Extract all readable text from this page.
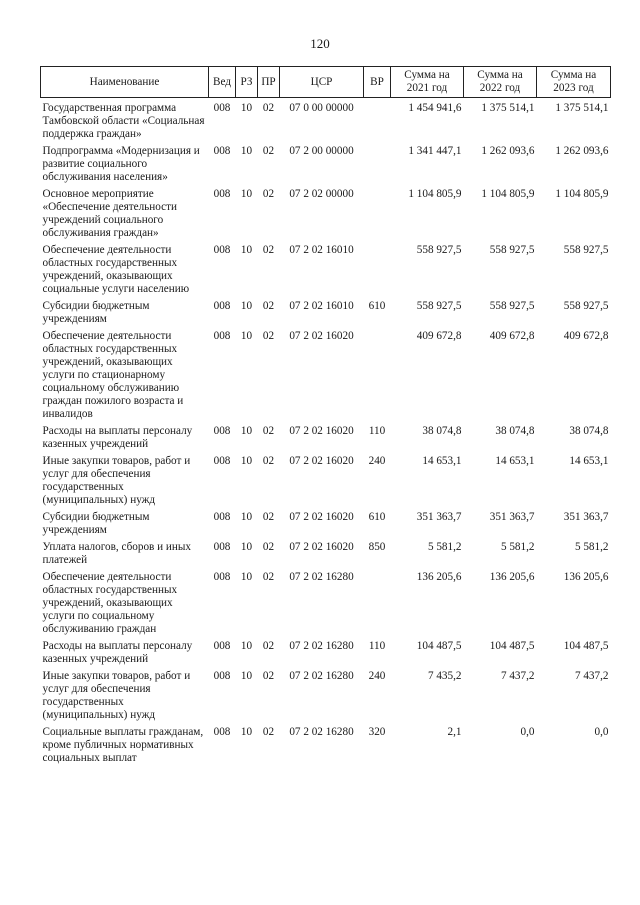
120
Наименование	Вед	РЗ	ПР	ЦСР	ВР	Сумма на 2021 год	Сумма на 2022 год	Сумма на 2023 год
Государственная программа Тамбовской области «Социальная поддержка граждан»	008	10	02	07 0 00 00000		1 454 941,6	1 375 514,1	1 375 514,1
Подпрограмма «Модернизация и развитие социального обслуживания населения»	008	10	02	07 2 00 00000		1 341 447,1	1 262 093,6	1 262 093,6
Основное мероприятие «Обеспечение деятельности учреждений социального обслуживания граждан»	008	10	02	07 2 02 00000		1 104 805,9	1 104 805,9	1 104 805,9
Обеспечение деятельности областных государственных учреждений, оказывающих социальные услуги населению	008	10	02	07 2 02 16010		558 927,5	558 927,5	558 927,5
Субсидии бюджетным учреждениям	008	10	02	07 2 02 16010	610	558 927,5	558 927,5	558 927,5
Обеспечение деятельности областных государственных учреждений, оказывающих услуги по стационарному социальному обслуживанию граждан пожилого возраста и инвалидов	008	10	02	07 2 02 16020		409 672,8	409 672,8	409 672,8
Расходы на выплаты персоналу казенных учреждений	008	10	02	07 2 02 16020	110	38 074,8	38 074,8	38 074,8
Иные закупки товаров, работ и услуг для обеспечения государственных (муниципальных) нужд	008	10	02	07 2 02 16020	240	14 653,1	14 653,1	14 653,1
Субсидии бюджетным учреждениям	008	10	02	07 2 02 16020	610	351 363,7	351 363,7	351 363,7
Уплата налогов, сборов и иных платежей	008	10	02	07 2 02 16020	850	5 581,2	5 581,2	5 581,2
Обеспечение деятельности областных государственных учреждений, оказывающих услуги по социальному обслуживанию граждан	008	10	02	07 2 02 16280		136 205,6	136 205,6	136 205,6
Расходы на выплаты персоналу казенных учреждений	008	10	02	07 2 02 16280	110	104 487,5	104 487,5	104 487,5
Иные закупки товаров, работ и услуг для обеспечения государственных (муниципальных) нужд	008	10	02	07 2 02 16280	240	7 435,2	7 437,2	7 437,2
Социальные выплаты гражданам, кроме публичных нормативных социальных выплат	008	10	02	07 2 02 16280	320	2,1	0,0	0,0
